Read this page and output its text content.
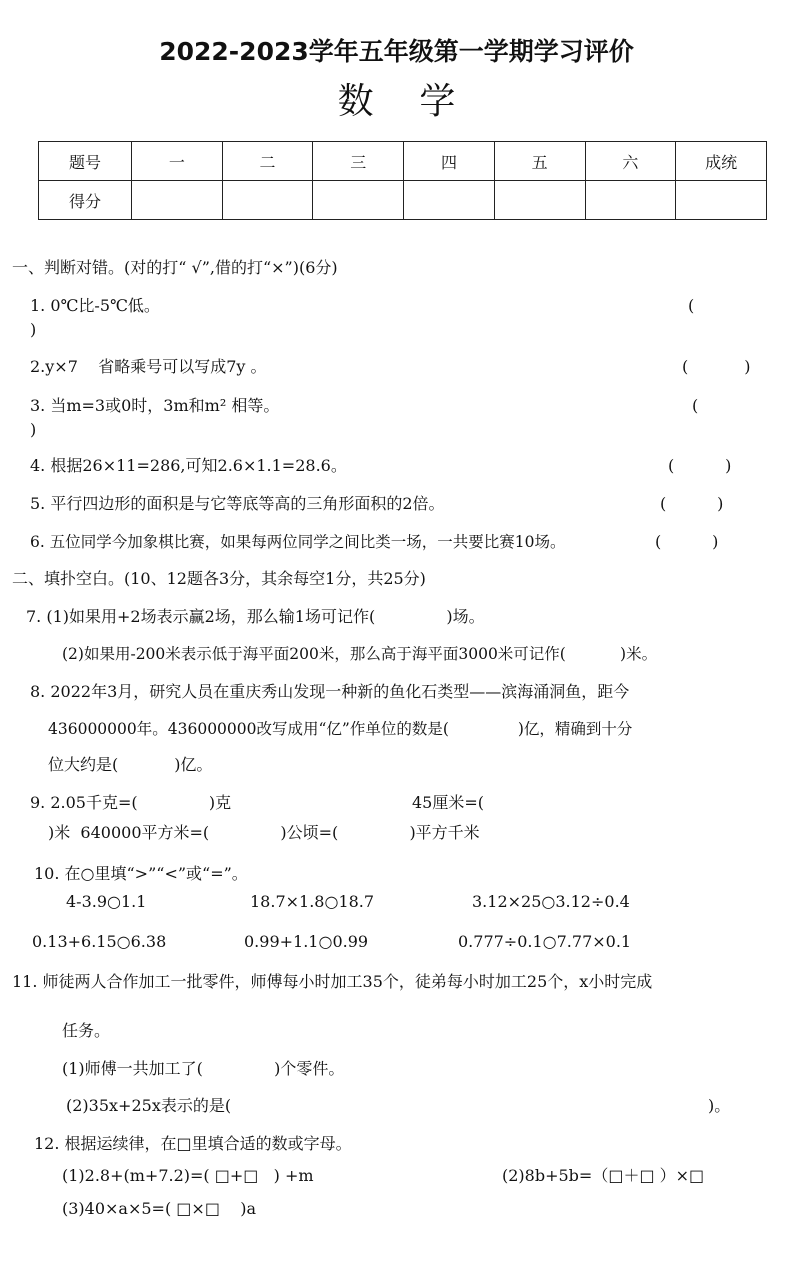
2022-2023学年五年级第一学期学习评价
数    学
题号	一	二	三	四	五	六	成统
得分							
一、判断对错。(对的打“ √”,借的打“×”)(6分)
1. 0℃比-5℃低。	(
)
2.y×7    省略乘号可以写成7y 。	(           )
3. 当m=3或0时，3m和m² 相等。	(
)
4. 根据26×11=286,可知2.6×1.1=28.6。	(          )
5. 平行四边形的面积是与它等底等高的三角形面积的2倍。	(          )
6. 五位同学今加象棋比赛，如果每两位同学之间比类一场，一共要比赛10场。	(          )
二、填扑空白。(10、12题各3分，其余每空1分，共25分)
7. (1)如果用+2场表示赢2场，那么输1场可记作(              )场。
(2)如果用-200米表示低于海平面200米，那么高于海平面3000米可记作(           )米。
8. 2022年3月，研究人员在重庆秀山发现一种新的鱼化石类型——滨海涌洞鱼，距今
436000000年。436000000改写成用“亿”作单位的数是(              )亿，精确到十分
位大约是(           )亿。
9. 2.05千克=(              )克	45厘米=(
)米  640000平方米=(              )公顷=(              )平方千米
10. 在○里填“>”“<”或“=”。
4-3.9○1.1	18.7×1.8○18.7	3.12×25○3.12÷0.4
0.13+6.15○6.38	0.99+1.1○0.99	0.777÷0.1○7.77×0.1
11. 师徒两人合作加工一批零件，师傅每小时加工35个，徒弟每小时加工25个，x小时完成
任务。
(1)师傅一共加工了(              )个零件。
(2)35x+25x表示的是(	)。
12. 根据运续律，在□里填合适的数或字母。
(1)2.8+(m+7.2)=( □+□   ) +m	(2)8b+5b=（□＋□ ）×□
(3)40×a×5=( □×□    )a
